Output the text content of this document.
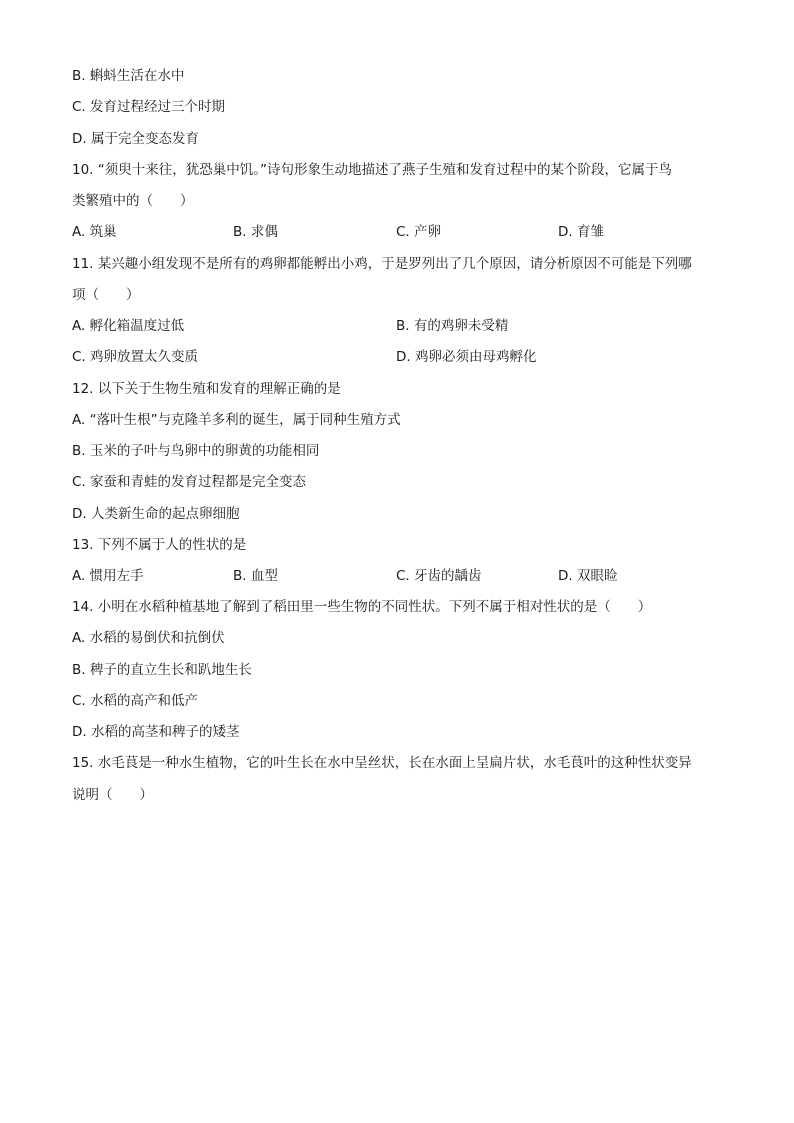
B. 蝌蚪生活在水中
C. 发育过程经过三个时期
D. 属于完全变态发育
10. “须臾十来往，犹恐巢中饥。”诗句形象生动地描述了燕子生殖和发育过程中的某个阶段，它属于鸟
类繁殖中的（　　）
A. 筑巢	B. 求偶	C. 产卵	D. 育雏
11. 某兴趣小组发现不是所有的鸡卵都能孵出小鸡，于是罗列出了几个原因，请分析原因不可能是下列哪
项（　　）
A. 孵化箱温度过低	B. 有的鸡卵未受精
C. 鸡卵放置太久变质	D. 鸡卵必须由母鸡孵化
12. 以下关于生物生殖和发育的理解正确的是
A. “落叶生根”与克隆羊多利的诞生，属于同种生殖方式
B. 玉米的子叶与鸟卵中的卵黄的功能相同
C. 家蚕和青蛙的发育过程都是完全变态
D. 人类新生命的起点卵细胞
13. 下列不属于人的性状的是
A. 惯用左手	B. 血型	C. 牙齿的龋齿	D. 双眼睑
14. 小明在水稻种植基地了解到了稻田里一些生物的不同性状。下列不属于相对性状的是（　　）
A. 水稻的易倒伏和抗倒伏
B. 稗子的直立生长和趴地生长
C. 水稻的高产和低产
D. 水稻的高茎和稗子的矮茎
15. 水毛茛是一种水生植物，它的叶生长在水中呈丝状，长在水面上呈扁片状，水毛茛叶的这种性状变异
说明（　　）
